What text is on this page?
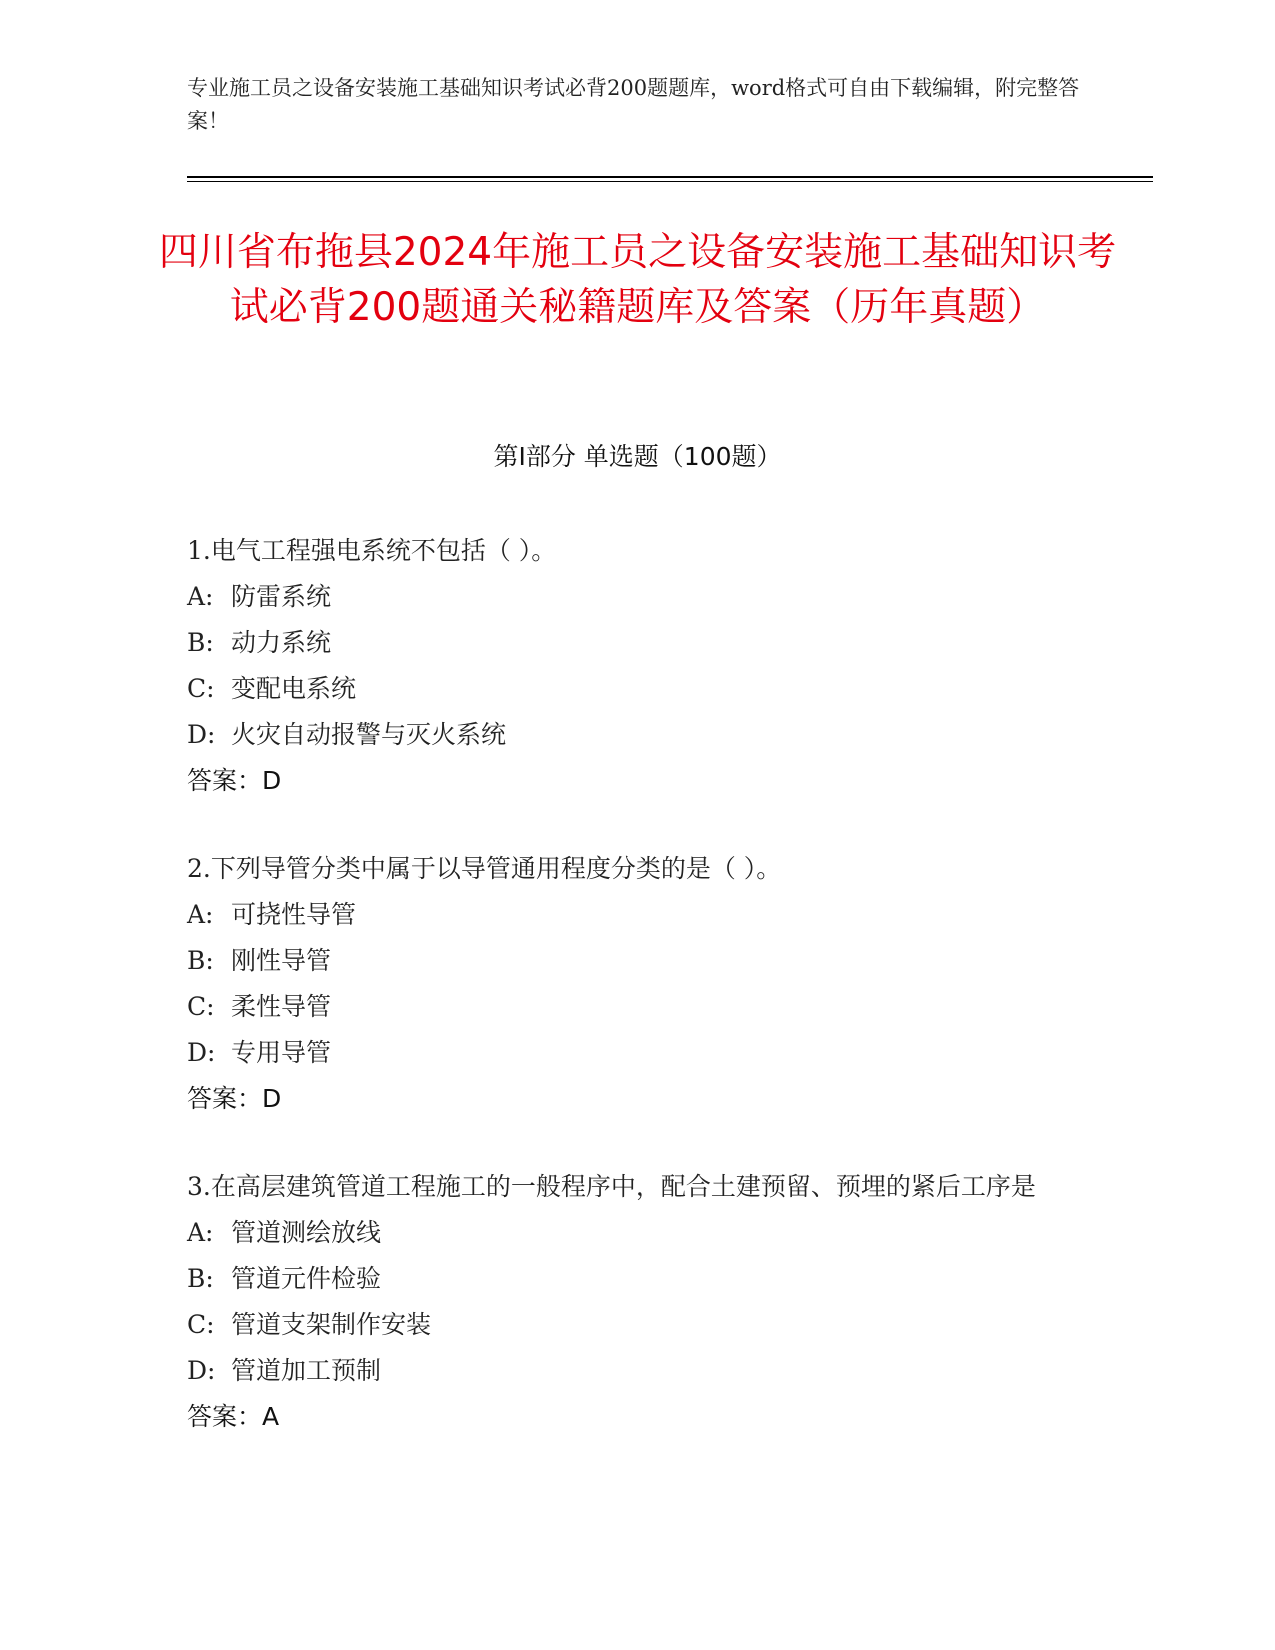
专业施工员之设备安装施工基础知识考试必背200题题库，word格式可自由下载编辑，附完整答案！
四川省布拖县2024年施工员之设备安装施工基础知识考试必背200题通关秘籍题库及答案（历年真题）
第Ⅰ部分 单选题（100题）
1.电气工程强电系统不包括（ ）。
A: 防雷系统
B: 动力系统
C: 变配电系统
D: 火灾自动报警与灭火系统
答案：D
2.下列导管分类中属于以导管通用程度分类的是（ ）。
A: 可挠性导管
B: 刚性导管
C: 柔性导管
D: 专用导管
答案：D
3.在高层建筑管道工程施工的一般程序中，配合土建预留、预埋的紧后工序是
A: 管道测绘放线
B: 管道元件检验
C: 管道支架制作安装
D: 管道加工预制
答案：A
